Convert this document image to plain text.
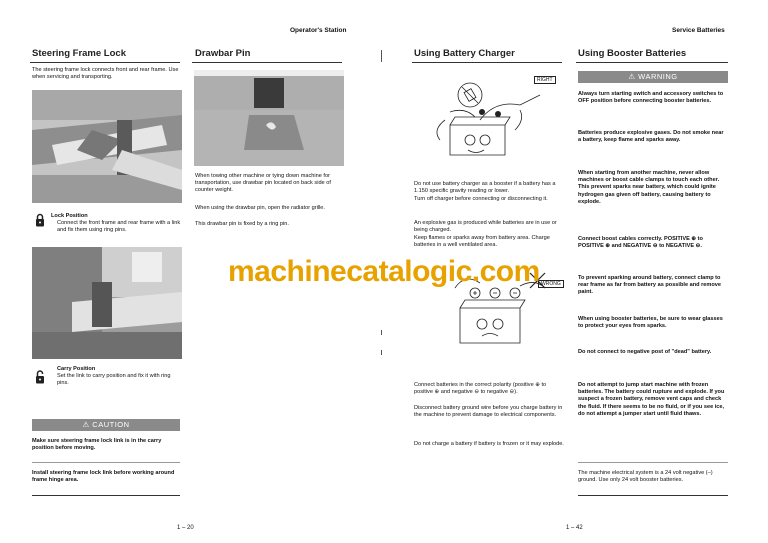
Operator's Station
Steering Frame Lock

The steering frame lock connects front and rear frame. Use when servicing and transporting.

Lock Position

Connect the front frame and rear frame with a link and fix them using ring pins.

Carry Position

Set the link to carry position and fix it with ring pins.

⚠ CAUTION

Make sure steering frame lock link is in the carry position before moving.

Install steering frame lock link before working around frame hinge area.

Drawbar Pin

When towing other machine or tying down machine for transportation, use drawbar pin located on back side of counter weight.

When using the drawbar pin, open the radiator grille.

This drawbar pin is fixed by a ring pin.

1 – 20
Service Batteries
Using Battery Charger
RIGHT

Do not use battery charger as a booster if a battery has a 1.150 specific gravity reading or lower.

Turn off charger before connecting or disconnecting it.

An explosive gas is produced while batteries are in use or being charged.

Keep flames or sparks away from battery area. Charge batteries in a well ventilated area.

WRONG

Connect batteries in the correct polarity (positive ⊕ to positive ⊕ and negative ⊖ to negative ⊖).

Disconnect battery ground wire before you charge battery in the machine to prevent damage to electrical components.

Do not charge a battery if battery is frozen or it may explode.

Using Booster Batteries
⚠ WARNING

Always turn starting switch and accessory switches to OFF position before connecting booster batteries.

Batteries produce explosive gases. Do not smoke near a battery, keep flame and sparks away.

When starting from another machine, never allow machines or boost cable clamps to touch each other. This prevent sparks near battery, which could ignite hydrogen gas given off battery, causing battery to explode.

Connect boost cables correctly. POSITIVE ⊕ to POSITIVE ⊕ and NEGATIVE ⊖ to NEGATIVE ⊖.

To prevent sparking around battery, connect clamp to rear frame as far from battery as possible and remove paint.

When using booster batteries, be sure to wear glasses to protect your eyes from sparks.

Do not connect to negative post of "dead" battery.

Do not attempt to jump start machine with frozen batteries. The battery could rupture and explode. If you suspect a frozen battery, remove vent caps and check the fluid. If there seems to be no fluid, or if you see ice, do not attempt a jumper start until fluid thaws.

The machine electrical system is a 24 volt negative (–) ground. Use only 24 volt booster batteries.

1 – 42
machinecatalogic.com
